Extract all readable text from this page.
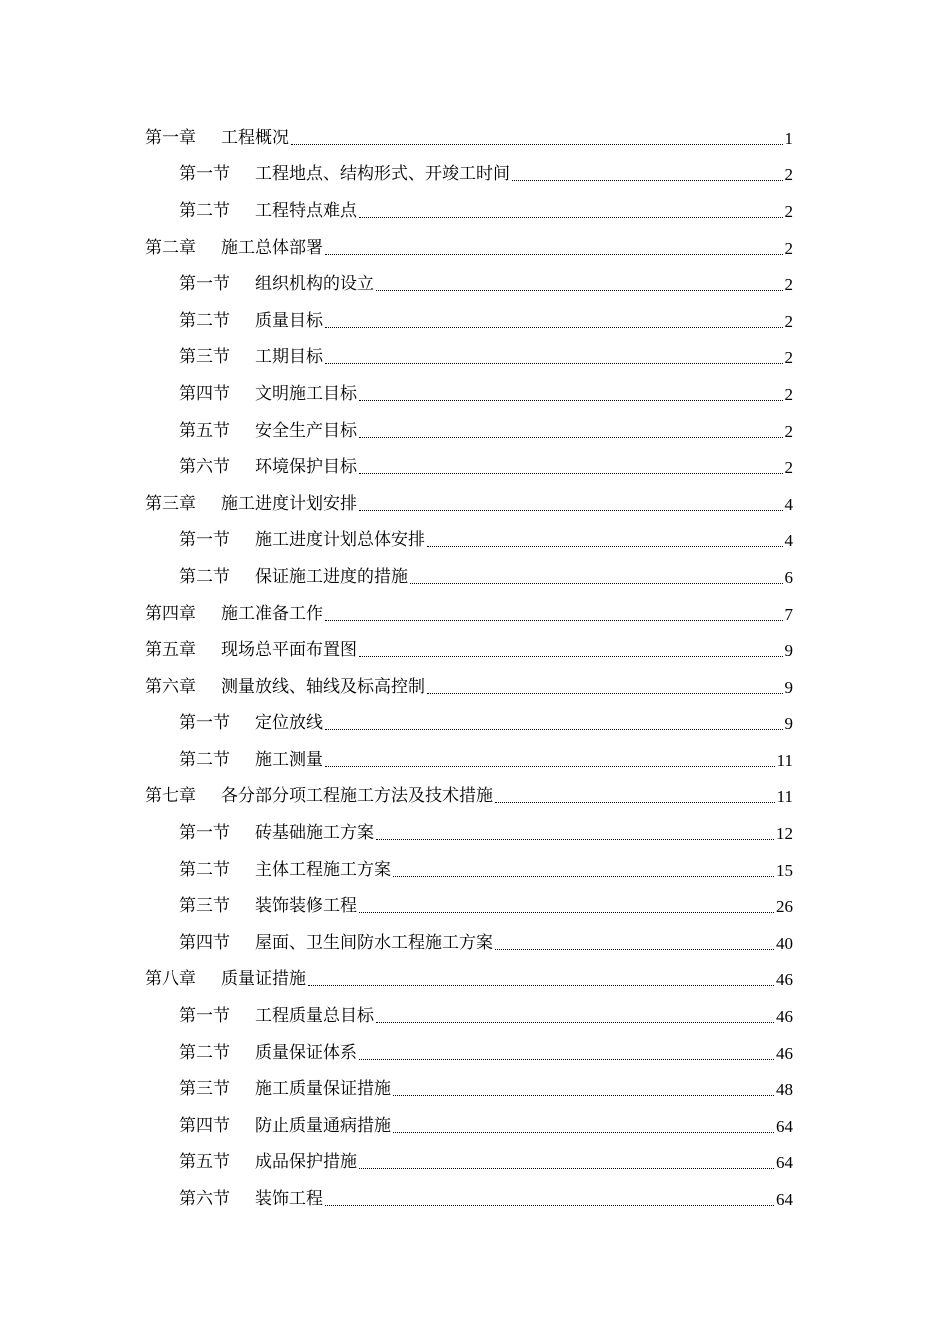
第一章	工程概况	1
第一节	工程地点、结构形式、开竣工时间	2
第二节	工程特点难点	2
第二章	施工总体部署	2
第一节	组织机构的设立	2
第二节	质量目标	2
第三节	工期目标	2
第四节	文明施工目标	2
第五节	安全生产目标	2
第六节	环境保护目标	2
第三章	施工进度计划安排	4
第一节	施工进度计划总体安排	4
第二节	保证施工进度的措施	6
第四章	施工准备工作	7
第五章	现场总平面布置图	9
第六章	测量放线、轴线及标高控制	9
第一节	定位放线	9
第二节	施工测量	11
第七章	各分部分项工程施工方法及技术措施	11
第一节	砖基础施工方案	12
第二节	主体工程施工方案	15
第三节	装饰装修工程	26
第四节	屋面、卫生间防水工程施工方案	40
第八章	质量证措施	46
第一节	工程质量总目标	46
第二节	质量保证体系	46
第三节	施工质量保证措施	48
第四节	防止质量通病措施	64
第五节	成品保护措施	64
第六节	装饰工程	64
